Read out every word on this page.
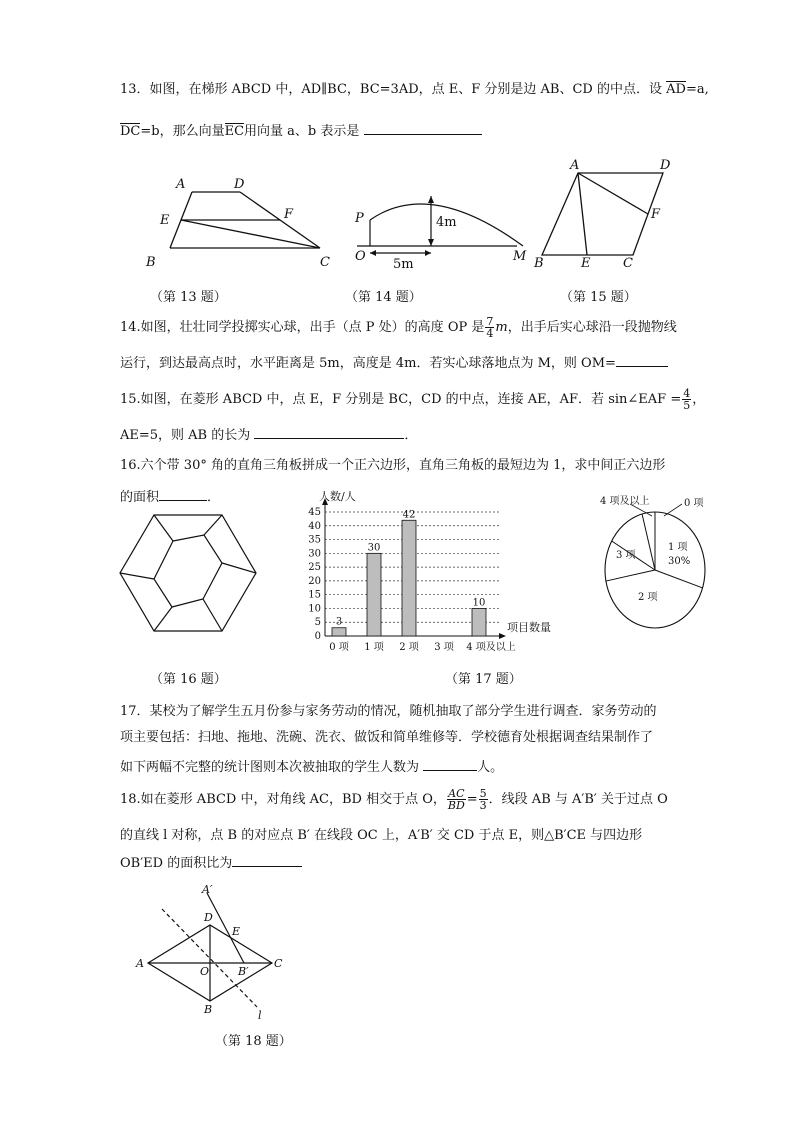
13．如图，在梯形 ABCD 中，AD∥BC，BC=3AD，点 E、F 分别是边 AB、CD 的中点．设 AD=a,
DC=b，那么向量EC用向量 a、b 表示是
A	D
E	F
B	C
（第 13 题）
P
O	M
4m
5m
（第 14 题）
A	D
F
B	E	C
（第 15 题）
14.如图，壮壮同学投掷实心球，出手（点 P 处）的高度 OP 是 $\frac{7}{4}$ m，出手后实心球沿一段抛物线
运行，到达最高点时，水平距离是 5m，高度是 4m．若实心球落地点为 M，则 OM=
15.如图，在菱形 ABCD 中，点 E，F 分别是 BC，CD 的中点，连接 AE，AF．若 sin∠EAF = $\frac{4}{5}$ ，
AE=5，则 AB 的长为	．
16.六个带 30° 角的直角三角板拼成一个正六边形，直角三角板的最短边为 1，求中间正六边形
的面积	．
（第 16 题）
人数/人
项目数量
0
5
10
15
20
25
30
35
40
45
3
0 项
30
1 项
42
2 项 3 项
10
4 项及以上
（第 17 题）
4 项及以上	0 项
1 项
30%
2 项
3 项
17．某校为了解学生五月份参与家务劳动的情况，随机抽取了部分学生进行调查．家务劳动的
项主要包括：扫地、拖地、洗碗、洗衣、做饭和简单维修等．学校德育处根据调查结果制作了
如下两幅不完整的统计图则本次被抽取的学生人数为	人。
18.如在菱形 ABCD 中，对角线 AC，BD 相交于点 O， $\frac{AC}{BD} = \frac{5}{3}$ ．线段 AB 与 A′B′ 关于过点 O
的直线 l 对称，点 B 的对应点 B′ 在线段 OC 上，A′B′ 交 CD 于点 E，则△B′CE 与四边形
OB′ED 的面积比为
A′
D
E
A
O	B′
C
B	l
（第 18 题）
